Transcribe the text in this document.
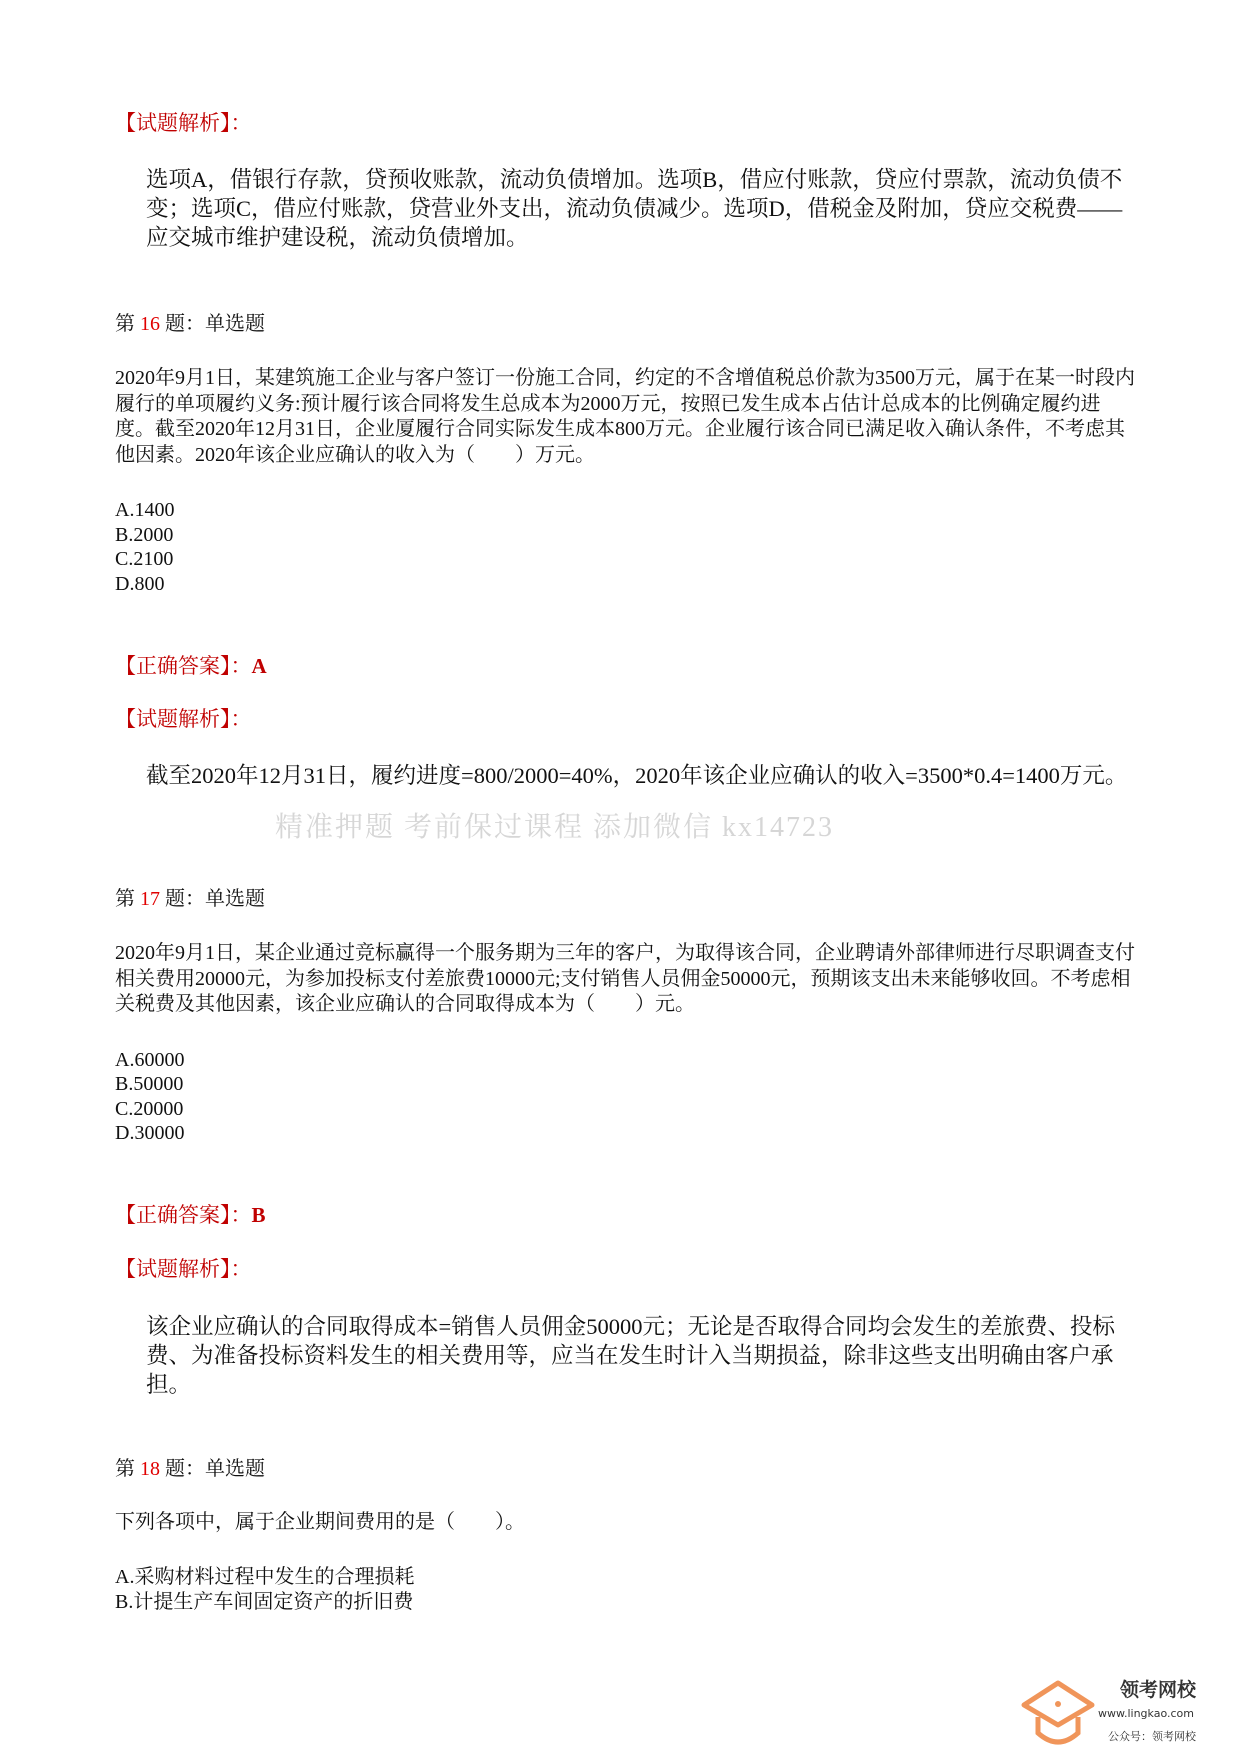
【试题解析】：
选项A，借银行存款，贷预收账款，流动负债增加。选项B，借应付账款，贷应付票款，流动负债不变；选项C，借应付账款，贷营业外支出，流动负债减少。选项D，借税金及附加，贷应交税费——应交城市维护建设税，流动负债增加。
第 16 题：单选题
2020年9月1日，某建筑施工企业与客户签订一份施工合同，约定的不含增值税总价款为3500万元，属于在某一时段内履行的单项履约义务:预计履行该合同将发生总成本为2000万元，按照已发生成本占估计总成本的比例确定履约进度。截至2020年12月31日，企业厦履行合同实际发生成本800万元。企业履行该合同已满足收入确认条件，不考虑其他因素。2020年该企业应确认的收入为（　　）万元。
A.1400
B.2000
C.2100
D.800
【正确答案】：A
【试题解析】：
截至2020年12月31日，履约进度=800/2000=40%，2020年该企业应确认的收入=3500*0.4=1400万元。
精准押题 考前保过课程 添加微信 kx14723
第 17 题：单选题
2020年9月1日，某企业通过竞标赢得一个服务期为三年的客户，为取得该合同，企业聘请外部律师进行尽职调查支付相关费用20000元，为参加投标支付差旅费10000元;支付销售人员佣金50000元，预期该支出未来能够收回。不考虑相关税费及其他因素，该企业应确认的合同取得成本为（　　）元。
A.60000
B.50000
C.20000
D.30000
【正确答案】：B
【试题解析】：
该企业应确认的合同取得成本=销售人员佣金50000元；无论是否取得合同均会发生的差旅费、投标费、为准备投标资料发生的相关费用等，应当在发生时计入当期损益，除非这些支出明确由客户承担。
第 18 题：单选题
下列各项中，属于企业期间费用的是（　　）。
A.采购材料过程中发生的合理损耗
B.计提生产车间固定资产的折旧费
领考网校
www.lingkao.com
公众号：领考网校
